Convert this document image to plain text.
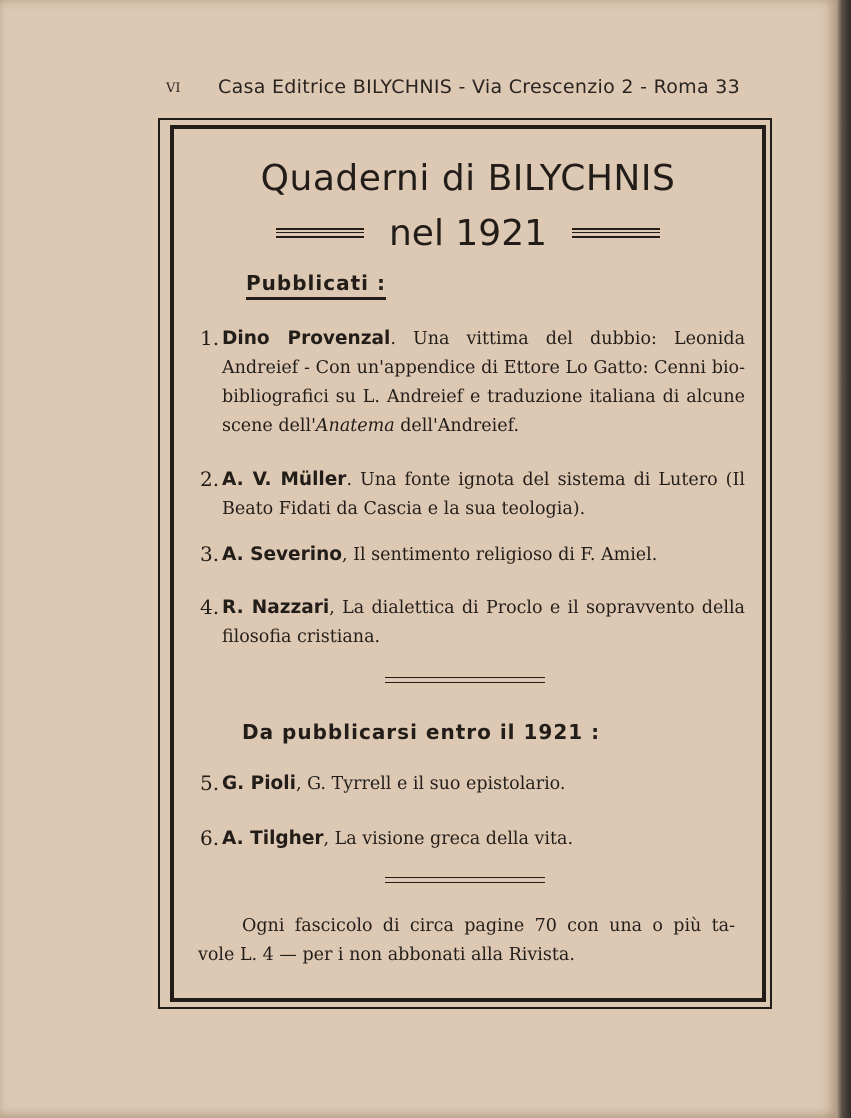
VI Casa Editrice BILYCHNIS - Via Crescenzio 2 - Roma 33
Quaderni di BILYCHNIS
nel 1921
Pubblicati :
1. Dino Provenzal. Una vittima del dubbio: Leonida Andreief - Con un'appendice di Ettore Lo Gatto: Cenni bio-bibliografici su L. Andreief e traduzione italiana di alcune scene dell'Anatema dell'Andreief.
2. A. V. Müller. Una fonte ignota del sistema di Lutero (Il Beato Fidati da Cascia e la sua teologia).
3. A. Severino, Il sentimento religioso di F. Amiel.
4. R. Nazzari, La dialettica di Proclo e il sopravvento della filosofia cristiana.
Da pubblicarsi entro il 1921 :
5. G. Pioli, G. Tyrrell e il suo epistolario.
6. A. Tilgher, La visione greca della vita.
Ogni fascicolo di circa pagine 70 con una o più ta-
vole L. 4 — per i non abbonati alla Rivista.
